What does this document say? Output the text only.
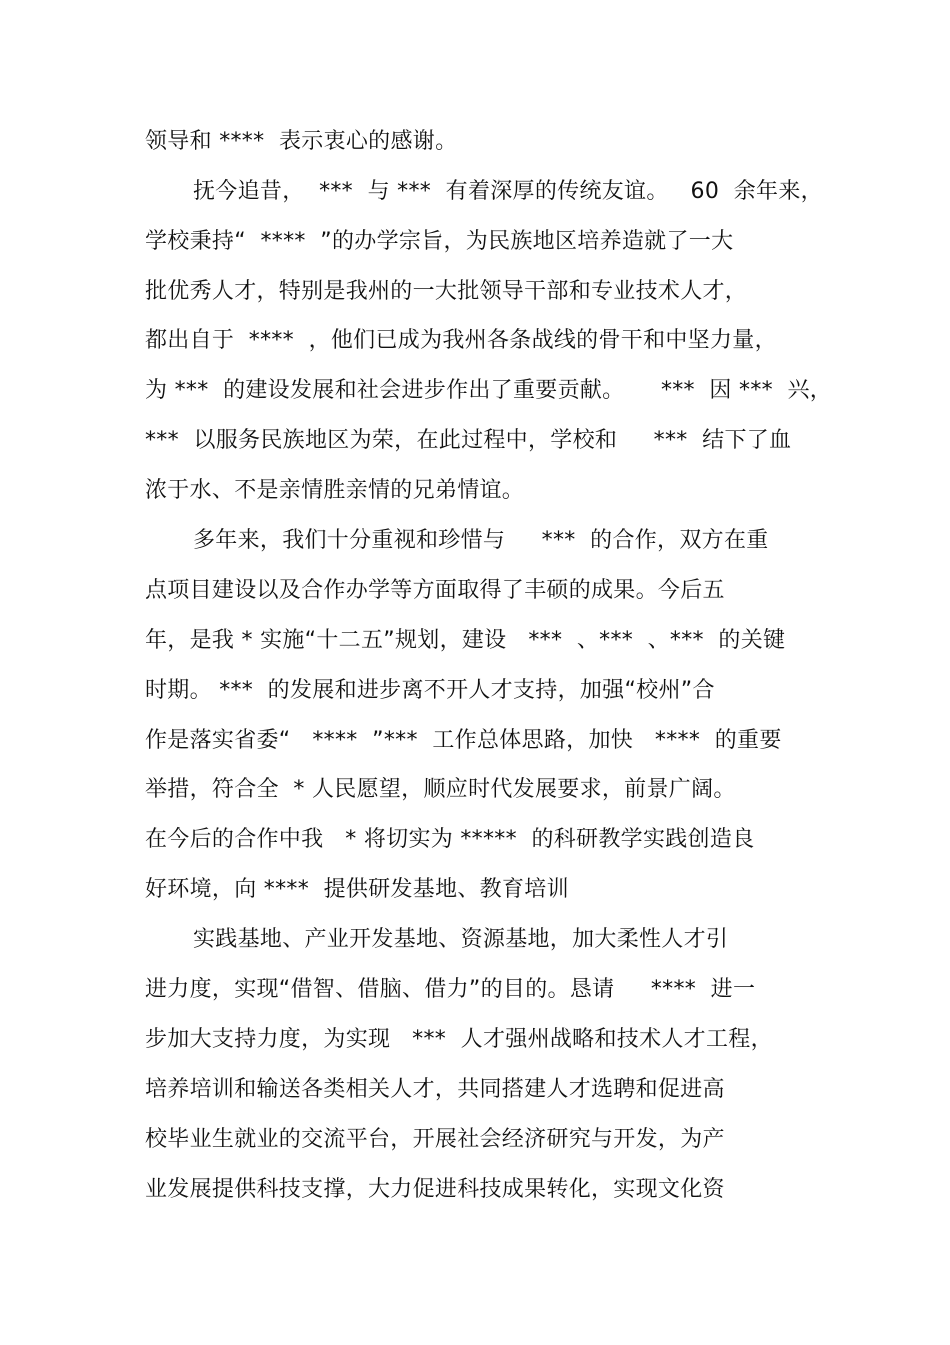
领导和 ****  表示衷心的感谢。
抚今追昔，  ***  与 ***  有着深厚的传统友谊。   60  余年来，
学校秉持“  ****  ”的办学宗旨，为民族地区培养造就了一大
批优秀人才，特别是我州的一大批领导干部和专业技术人才，
都出自于  ****  ，他们已成为我州各条战线的骨干和中坚力量，
为 ***  的建设发展和社会进步作出了重要贡献。     ***  因 ***  兴，
***  以服务民族地区为荣，在此过程中，学校和     ***  结下了血
浓于水、不是亲情胜亲情的兄弟情谊。
多年来，我们十分重视和珍惜与     ***  的合作，双方在重
点项目建设以及合作办学等方面取得了丰硕的成果。今后五
年，是我 * 实施“十二五”规划，建设   ***  、***  、***  的关键
时期。 ***  的发展和进步离不开人才支持，加强“校州”合
作是落实省委“   ****  ”***  工作总体思路，加快   ****  的重要
举措，符合全  * 人民愿望，顺应时代发展要求，前景广阔。
在今后的合作中我   * 将切实为 *****  的科研教学实践创造良
好环境，向 ****  提供研发基地、教育培训
实践基地、产业开发基地、资源基地，加大柔性人才引
进力度，实现“借智、借脑、借力”的目的。恳请     ****  进一
步加大支持力度，为实现   ***  人才强州战略和技术人才工程，
培养培训和输送各类相关人才，共同搭建人才选聘和促进高
校毕业生就业的交流平台，开展社会经济研究与开发，为产
业发展提供科技支撑，大力促进科技成果转化，实现文化资
